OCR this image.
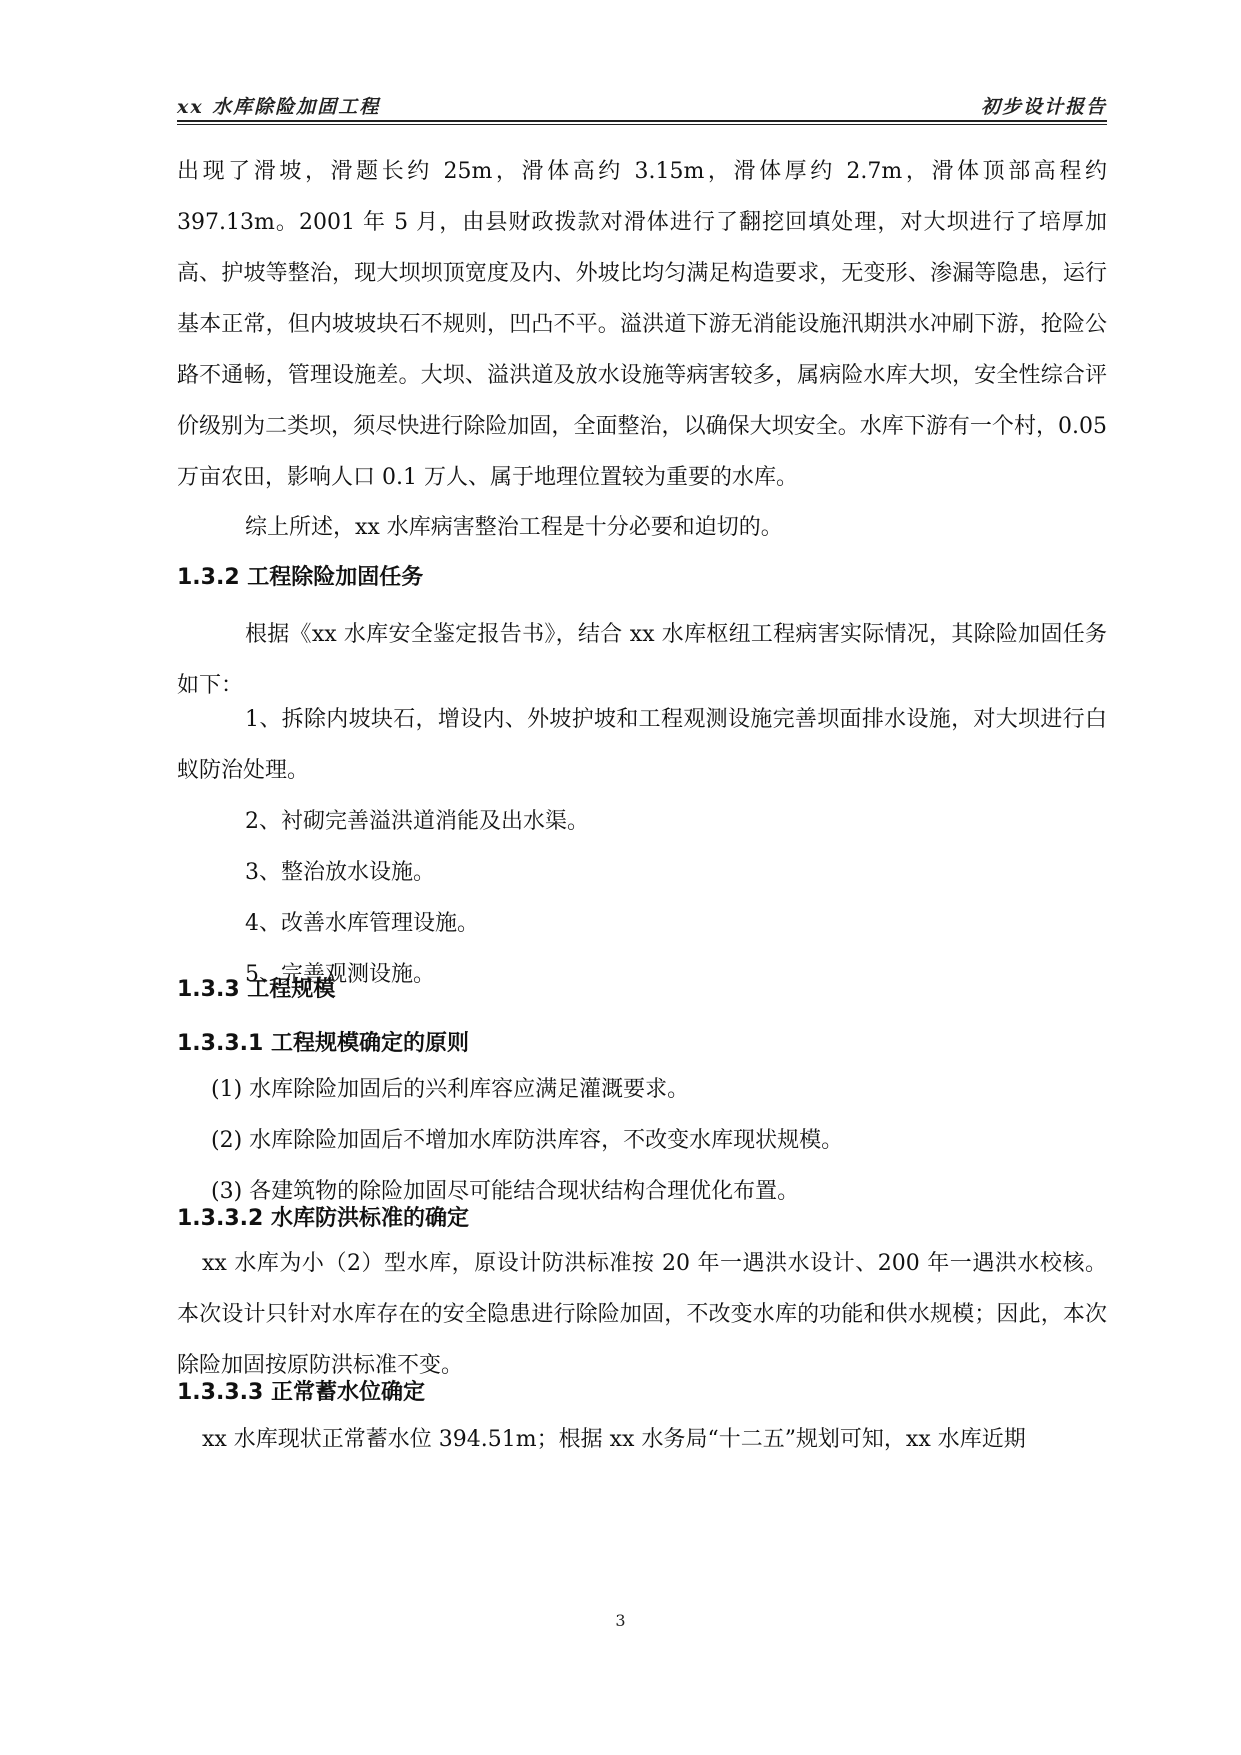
xx 水库除险加固工程	初步设计报告

出现了滑坡，滑题长约 25m，滑体高约 3.15m，滑体厚约 2.7m，滑体顶部高程约 397.13m。2001 年 5 月，由县财政拨款对滑体进行了翻挖回填处理，对大坝进行了培厚加高、护坡等整治，现大坝坝顶宽度及内、外坡比均匀满足构造要求，无变形、渗漏等隐患，运行基本正常，但内坡坡块石不规则，凹凸不平。溢洪道下游无消能设施汛期洪水冲刷下游，抢险公路不通畅，管理设施差。大坝、溢洪道及放水设施等病害较多，属病险水库大坝，安全性综合评价级别为二类坝，须尽快进行除险加固，全面整治，以确保大坝安全。水库下游有一个村，0.05 万亩农田，影响人口 0.1 万人、属于地理位置较为重要的水库。

综上所述，xx 水库病害整治工程是十分必要和迫切的。

1.3.2 工程除险加固任务

根据《xx 水库安全鉴定报告书》，结合 xx 水库枢纽工程病害实际情况，其除险加固任务如下：

1、拆除内坡块石，增设内、外坡护坡和工程观测设施完善坝面排水设施，对大坝进行白蚁防治处理。
2、衬砌完善溢洪道消能及出水渠。
3、整治放水设施。
4、改善水库管理设施。
5、完善观测设施。
1.3.3 工程规模
1.3.3.1 工程规模确定的原则
(1) 水库除险加固后的兴利库容应满足灌溉要求。
(2) 水库除险加固后不增加水库防洪库容，不改变水库现状规模。
(3) 各建筑物的除险加固尽可能结合现状结构合理优化布置。
1.3.3.2 水库防洪标准的确定

xx 水库为小（2）型水库，原设计防洪标准按 20 年一遇洪水设计、200 年一遇洪水校核。本次设计只针对水库存在的安全隐患进行除险加固，不改变水库的功能和供水规模；因此，本次除险加固按原防洪标准不变。

1.3.3.3 正常蓄水位确定

xx 水库现状正常蓄水位 394.51m；根据 xx 水务局“十二五”规划可知，xx 水库近期

3
